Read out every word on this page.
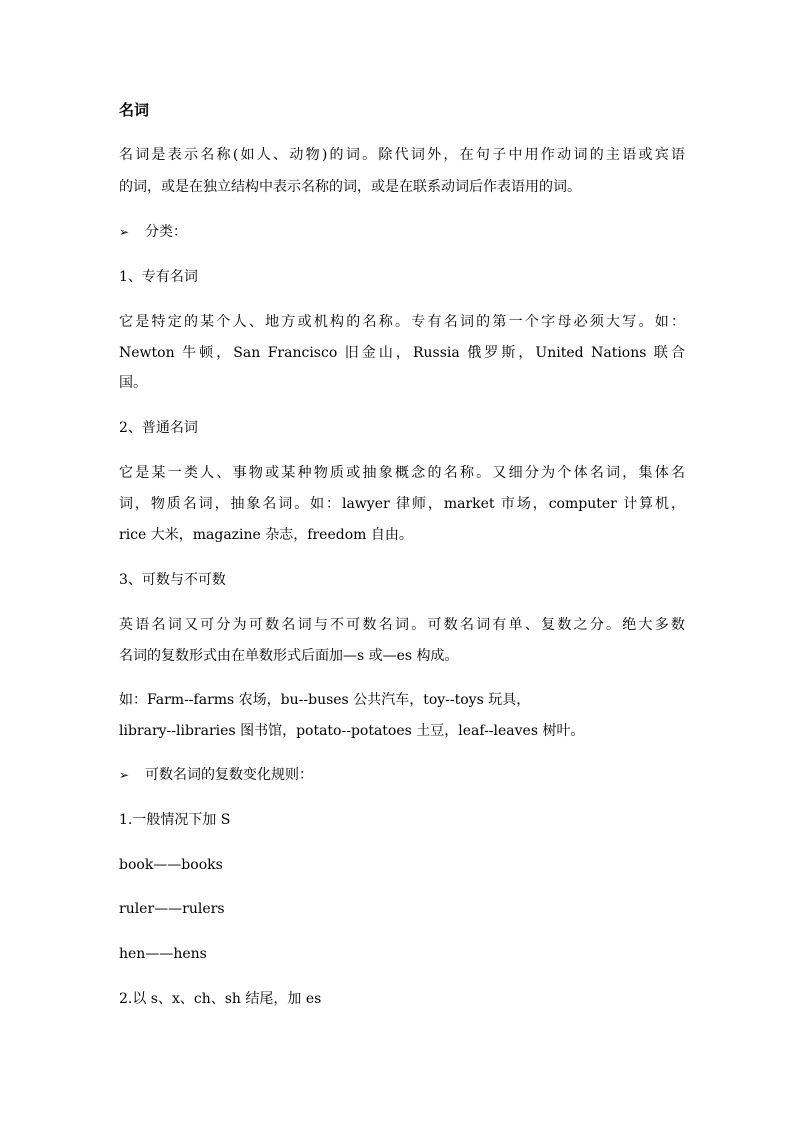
名词
名词是表示名称(如人、动物)的词。除代词外，在句子中用作动词的主语或宾语
的词，或是在独立结构中表示名称的词，或是在联系动词后作表语用的词。
➢ 分类：
1、专有名词
它是特定的某个人、地方或机构的名称。专有名词的第一个字母必须大写。如：
Newton 牛顿，San Francisco 旧金山，Russia 俄罗斯，United Nations 联合
国。
2、普通名词
它是某一类人、事物或某种物质或抽象概念的名称。又细分为个体名词，集体名
词，物质名词，抽象名词。如：lawyer 律师，market 市场，computer 计算机，
rice 大米，magazine 杂志，freedom 自由。
3、可数与不可数
英语名词又可分为可数名词与不可数名词。可数名词有单、复数之分。绝大多数
名词的复数形式由在单数形式后面加—s 或—es 构成。
如：Farm--farms 农场，bu--buses 公共汽车，toy--toys 玩具，
library--libraries 图书馆，potato--potatoes 土豆，leaf--leaves 树叶。
➢ 可数名词的复数变化规则：
1.一般情况下加 S
book——books
ruler——rulers
hen——hens
2.以 s、x、ch、sh 结尾，加 es
